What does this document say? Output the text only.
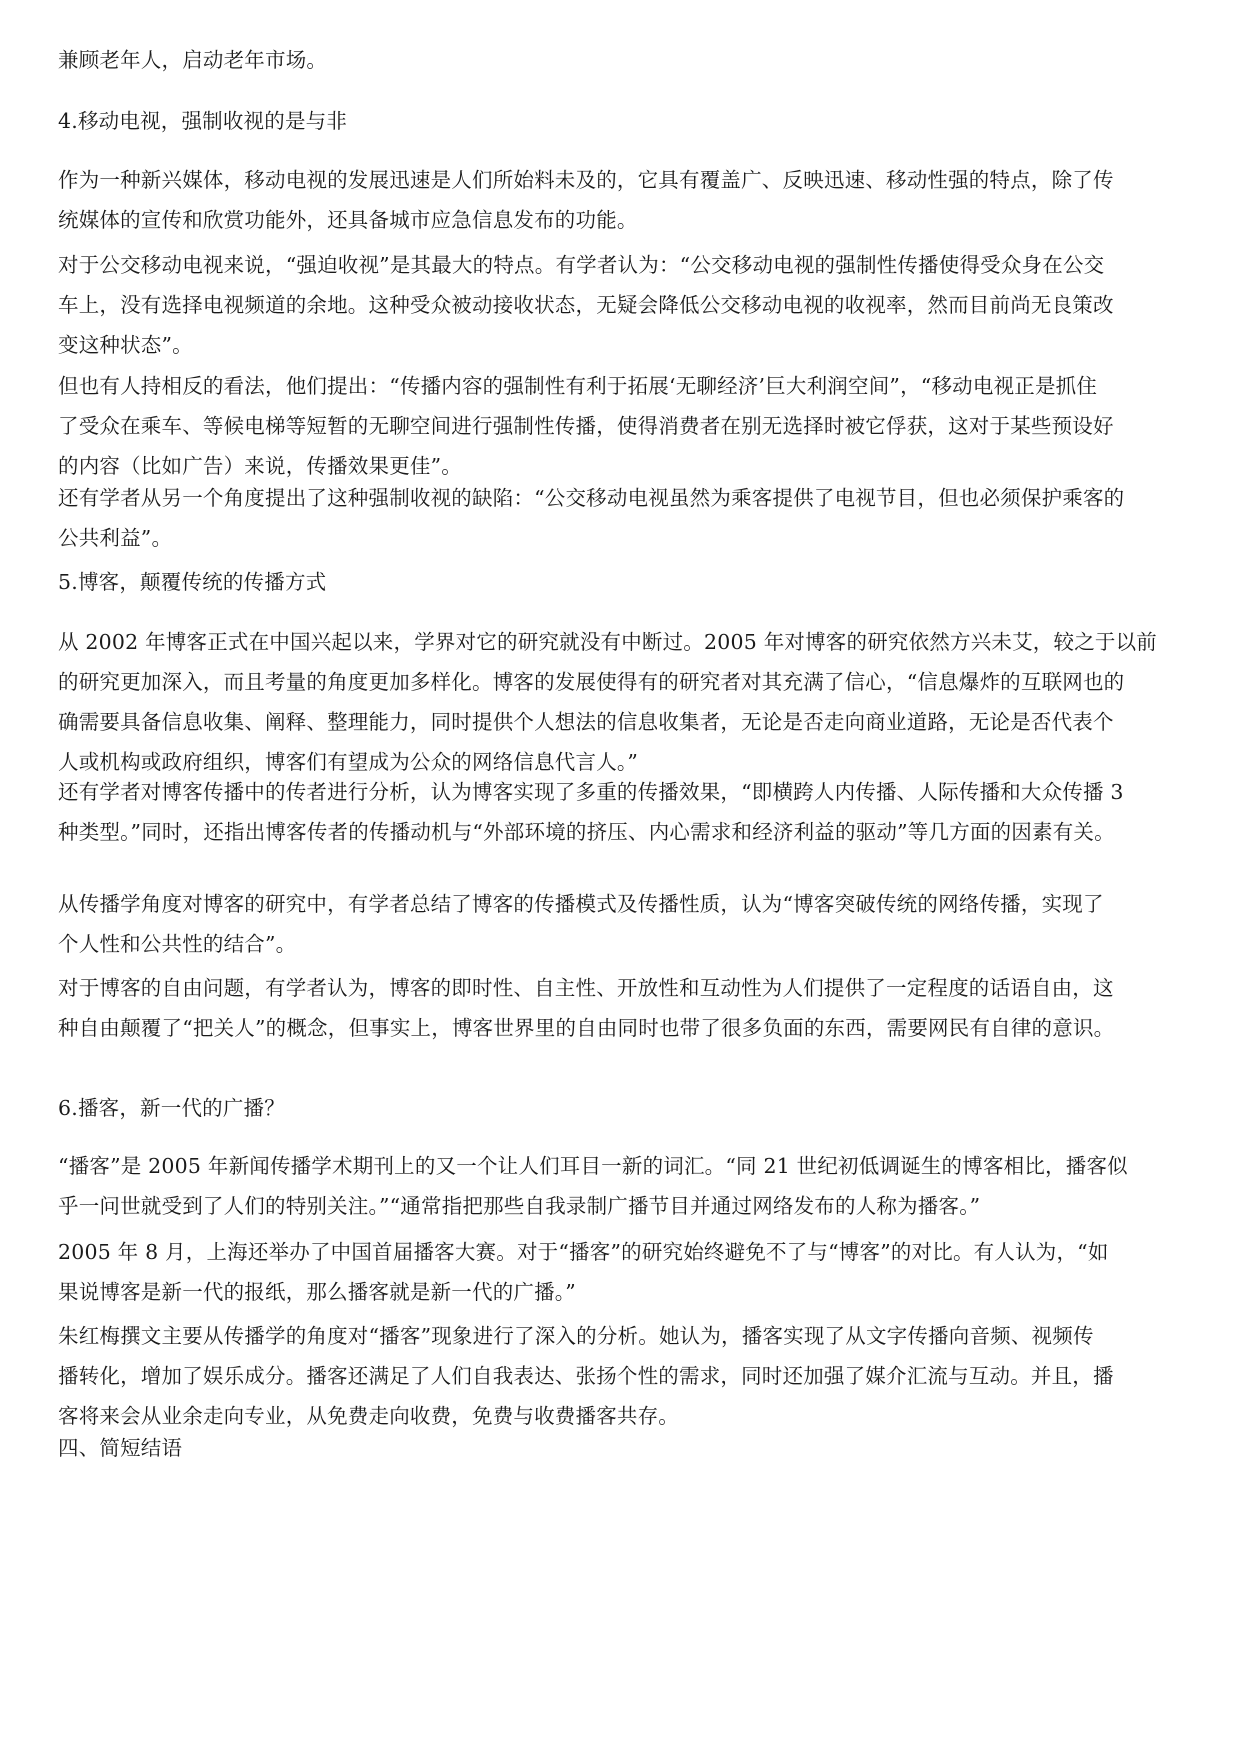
兼顾老年人，启动老年市场。
4.移动电视，强制收视的是与非
作为一种新兴媒体，移动电视的发展迅速是人们所始料未及的，它具有覆盖广、反映迅速、移动性强的特点，除了传
统媒体的宣传和欣赏功能外，还具备城市应急信息发布的功能。
对于公交移动电视来说，“强迫收视”是其最大的特点。有学者认为：“公交移动电视的强制性传播使得受众身在公交
车上，没有选择电视频道的余地。这种受众被动接收状态，无疑会降低公交移动电视的收视率，然而目前尚无良策改
变这种状态”。
但也有人持相反的看法，他们提出：“传播内容的强制性有利于拓展‘无聊经济’巨大利润空间”，“移动电视正是抓住
了受众在乘车、等候电梯等短暂的无聊空间进行强制性传播，使得消费者在别无选择时被它俘获，这对于某些预设好
的内容（比如广告）来说，传播效果更佳”。
还有学者从另一个角度提出了这种强制收视的缺陷：“公交移动电视虽然为乘客提供了电视节目，但也必须保护乘客的
公共利益”。
5.博客，颠覆传统的传播方式
从 2002 年博客正式在中国兴起以来，学界对它的研究就没有中断过。2005 年对博客的研究依然方兴未艾，较之于以前
的研究更加深入，而且考量的角度更加多样化。博客的发展使得有的研究者对其充满了信心，“信息爆炸的互联网也的
确需要具备信息收集、阐释、整理能力，同时提供个人想法的信息收集者，无论是否走向商业道路，无论是否代表个
人或机构或政府组织，博客们有望成为公众的网络信息代言人。”
还有学者对博客传播中的传者进行分析，认为博客实现了多重的传播效果，“即横跨人内传播、人际传播和大众传播 3
种类型。”同时，还指出博客传者的传播动机与“外部环境的挤压、内心需求和经济利益的驱动”等几方面的因素有关。
从传播学角度对博客的研究中，有学者总结了博客的传播模式及传播性质，认为“博客突破传统的网络传播，实现了
个人性和公共性的结合”。
对于博客的自由问题，有学者认为，博客的即时性、自主性、开放性和互动性为人们提供了一定程度的话语自由，这
种自由颠覆了“把关人”的概念，但事实上，博客世界里的自由同时也带了很多负面的东西，需要网民有自律的意识。
6.播客，新一代的广播？
“播客”是 2005 年新闻传播学术期刊上的又一个让人们耳目一新的词汇。“同 21 世纪初低调诞生的博客相比，播客似
乎一问世就受到了人们的特别关注。”“通常指把那些自我录制广播节目并通过网络发布的人称为播客。”
2005 年 8 月，上海还举办了中国首届播客大赛。对于“播客”的研究始终避免不了与“博客”的对比。有人认为，“如
果说博客是新一代的报纸，那么播客就是新一代的广播。”
朱红梅撰文主要从传播学的角度对“播客”现象进行了深入的分析。她认为，播客实现了从文字传播向音频、视频传
播转化，增加了娱乐成分。播客还满足了人们自我表达、张扬个性的需求，同时还加强了媒介汇流与互动。并且，播
客将来会从业余走向专业，从免费走向收费，免费与收费播客共存。
四、简短结语
